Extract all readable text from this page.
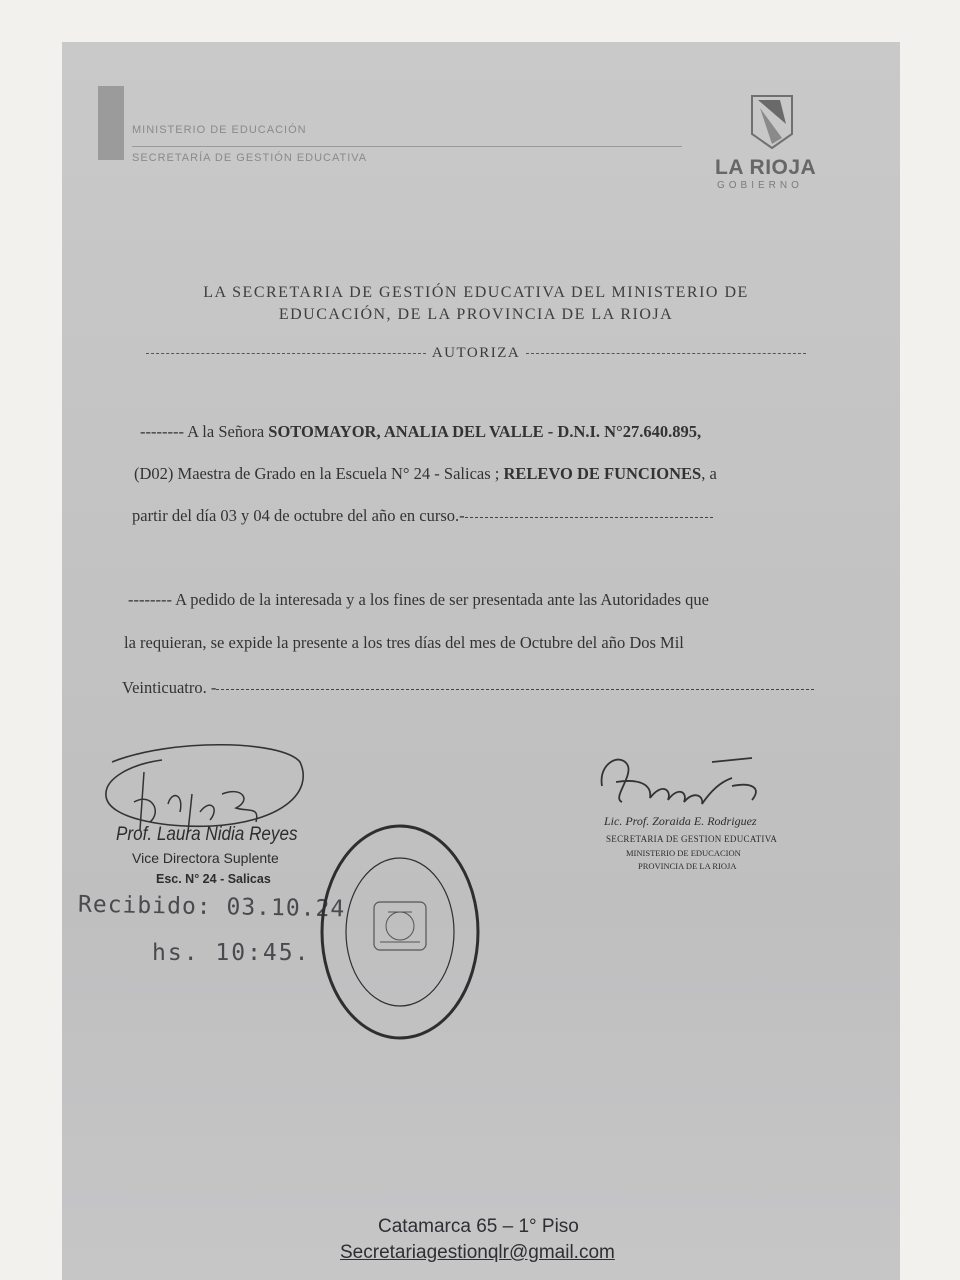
MINISTERIO DE EDUCACIÓN
SECRETARÍA DE GESTIÓN EDUCATIVA	LA RIOJA
GOBIERNO
LA SECRETARIA DE GESTIÓN EDUCATIVA DEL MINISTERIO DE
EDUCACIÓN, DE LA PROVINCIA DE LA RIOJA
AUTORIZA
-------- A la Señora SOTOMAYOR, ANALIA DEL VALLE - D.N.I. N°27.640.895,
(D02) Maestra de Grado en la Escuela N° 24 - Salicas ; RELEVO DE FUNCIONES, a
partir del día 03 y 04 de octubre del año en curso.-
-------- A pedido de la interesada y a los fines de ser presentada ante las Autoridades que
la requieran, se expide la presente a los tres días del mes de Octubre del año Dos Mil
Veinticuatro. -
Prof. Laura Nidia Reyes
Vice Directora Suplente
Esc. N° 24 - Salicas
Recibido: 03.10.24
hs. 10:45.
Lic. Prof. Zoraida E. Rodriguez
SECRETARIA DE GESTION EDUCATIVA
MINISTERIO DE EDUCACION
PROVINCIA DE LA RIOJA
Catamarca 65 – 1° Piso
Secretariagestionqlr@gmail.com
